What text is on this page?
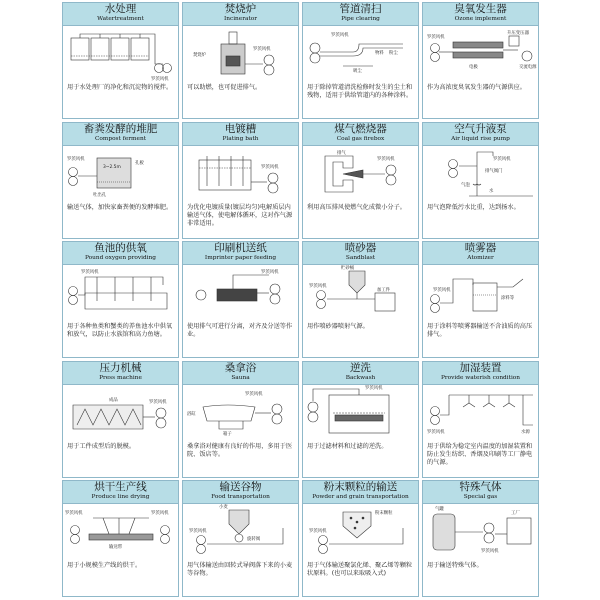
水处理
Watertreatment
罗茨风机
用于水处理厂的净化和沉淀物的搅拌。
焚烧炉
Incinerator
焚烧炉
罗茨风机
可以助燃，也可促进排气。
管道清扫
Pipe clearing
罗茨风机
吸尘
粉尘
物料
用于除掉管道清洗检修时发生的尘土和残物，适用于供给管道内的各种涂料。
臭氧发生器
Ozone implement
罗茨风机
升压变压器
电极	交流电源
作为高浓度臭氧发生器的气源供应。
畜粪发酵的堆肥
Compost ferment
罗茨风机
孔板
3~2.5m
吐出孔
输送气体，加快家畜粪便的发酵堆肥。
电镀槽
Plating bath
罗茨风机
为优化电镀质量(镀层均匀)电解质层内输送气体，使电解体循环，这对作气源非常适用。
煤气燃烧器
Coal gas firebox
排气
罗茨风机
利用高压排风使燃气化成微小分子。
空气升液泵
Air liquid rise pump
罗茨风机
排气阀门
气泡
水
用气泡降低污水比重，达到扬水。
鱼池的供氧
Pound oxygen providing
罗茨风机
用于各种鱼类和蟹类的养鱼池水中供氧和放气，以防止水族馆和高力鱼塘。
印刷机送纸
Imprinter paper feeding
罗茨风机
使用排气可进行分离，对齐及分送等作业。
喷砂器
Sandblast
贮砂桶
罗茨风机
加工件
用作喷砂器喷射气源。
喷雾器
Atomizer
罗茨风机
涂料等
用于涂料等喷雾器输送不含油质的高压排气。
压力机械
Press machine
成品	罗茨风机
用于工件成型后的脱模。
桑拿浴
Sauna
罗茨风机
浴缸
箱子
桑拿浴对健康有良好的作用，多用于医院、饭店等。
逆洗
Backwash
罗茨风机
用于过滤材料和过滤的逆洗。
加湿装置
Provide waterish condition
罗茨风机	水源
用于供给为稳定室内温度的加湿装置和防止发生纺织、香烟及印刷等工厂静电的气源。
烘干生产线
Produce line drying
罗茨风机	罗茨风机
输送带
用于小规模生产线的烘干。
输送谷物
Food transportation
小麦
罗茨风机
旋转阀
用气体输送由回转式导阀落下来的小麦等谷物。
粉末颗粒的输送
Powder and grain transportation
粉末颗粒
罗茨风机
用于气体输送聚氯化烯、聚乙烯等颗粒状原料。(也可以来取吸入式)
特殊气体
Special gas
气罐
工厂
罗茨风机
用于输送特殊气体。
